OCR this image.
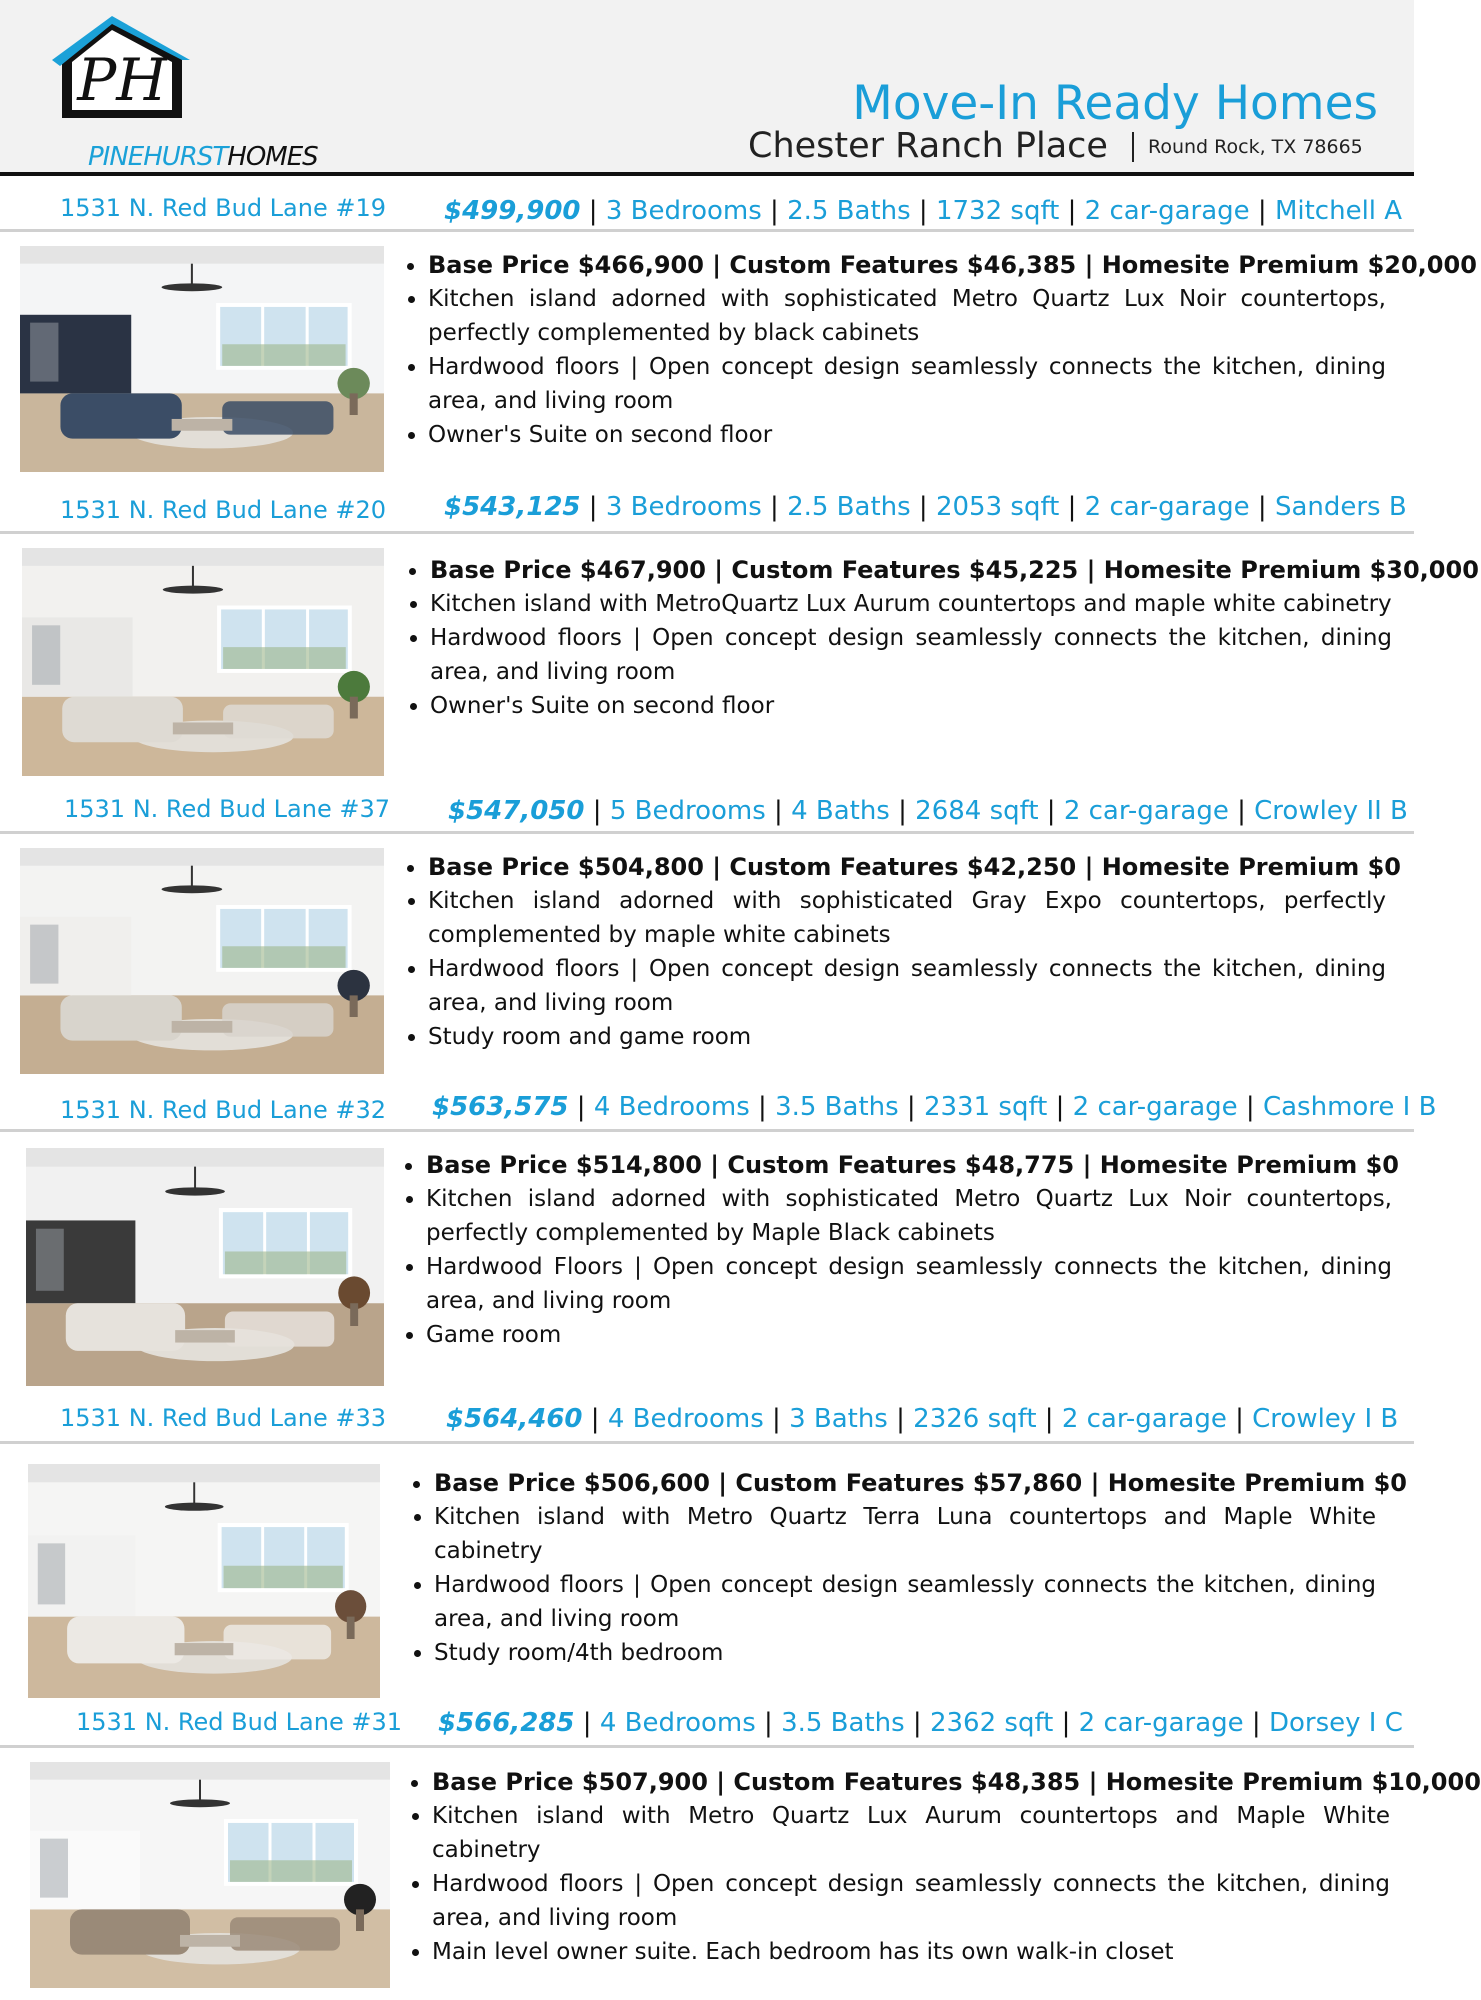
PH
PINEHURSTHOMES
Move-In Ready Homes
Chester Ranch Place Round Rock, TX 78665
1531 N. Red Bud Lane #19 $499,900 | 3 Bedrooms | 2.5 Baths | 1732 sqft | 2 car-garage | Mitchell A
• Base Price $466,900 | Custom Features $46,385 | Homesite Premium $20,000
• Kitchen island adorned with sophisticated Metro Quartz Lux Noir countertops, perfectly complemented by black cabinets
• Hardwood floors | Open concept design seamlessly connects the kitchen, dining area, and living room
• Owner's Suite on second floor
1531 N. Red Bud Lane #20 $543,125 | 3 Bedrooms | 2.5 Baths | 2053 sqft | 2 car-garage | Sanders B
• Base Price $467,900 | Custom Features $45,225 | Homesite Premium $30,000
• Kitchen island with MetroQuartz Lux Aurum countertops and maple white cabinetry
• Hardwood floors | Open concept design seamlessly connects the kitchen, dining area, and living room
• Owner's Suite on second floor
1531 N. Red Bud Lane #37 $547,050 | 5 Bedrooms | 4 Baths | 2684 sqft | 2 car-garage | Crowley II B
• Base Price $504,800 | Custom Features $42,250 | Homesite Premium $0
• Kitchen island adorned with sophisticated Gray Expo countertops, perfectly complemented by maple white cabinets
• Hardwood floors | Open concept design seamlessly connects the kitchen, dining area, and living room
• Study room and game room
1531 N. Red Bud Lane #32 $563,575 | 4 Bedrooms | 3.5 Baths | 2331 sqft | 2 car-garage | Cashmore I B
• Base Price $514,800 | Custom Features $48,775 | Homesite Premium $0
• Kitchen island adorned with sophisticated Metro Quartz Lux Noir countertops, perfectly complemented by Maple Black cabinets
• Hardwood Floors | Open concept design seamlessly connects the kitchen, dining area, and living room
• Game room
1531 N. Red Bud Lane #33 $564,460 | 4 Bedrooms | 3 Baths | 2326 sqft | 2 car-garage | Crowley I B
• Base Price $506,600 | Custom Features $57,860 | Homesite Premium $0
• Kitchen island with Metro Quartz Terra Luna countertops and Maple White cabinetry
• Hardwood floors | Open concept design seamlessly connects the kitchen, dining area, and living room
• Study room/4th bedroom
1531 N. Red Bud Lane #31 $566,285 | 4 Bedrooms | 3.5 Baths | 2362 sqft | 2 car-garage | Dorsey I C
• Base Price $507,900 | Custom Features $48,385 | Homesite Premium $10,000
• Kitchen island with Metro Quartz Lux Aurum countertops and Maple White cabinetry
• Hardwood floors | Open concept design seamlessly connects the kitchen, dining area, and living room
• Main level owner suite. Each bedroom has its own walk-in closet
